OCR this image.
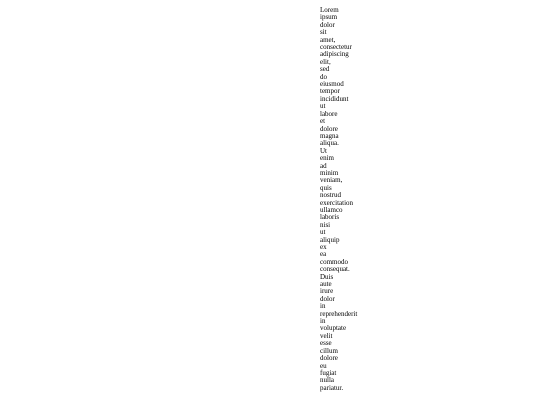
Lorem
ipsum
dolor
sit
amet,
consectetur
adipiscing
elit,
sed
do
eiusmod
tempor
incididunt
ut
labore
et
dolore
magna
aliqua.
Ut
enim
ad
minim
veniam,
quis
nostrud
exercitation
ullamco
laboris
nisi
ut
aliquip
ex
ea
commodo
consequat.
Duis
aute
irure
dolor
in
reprehenderit
in
voluptate
velit
esse
cillum
dolore
eu
fugiat
nulla
pariatur.
